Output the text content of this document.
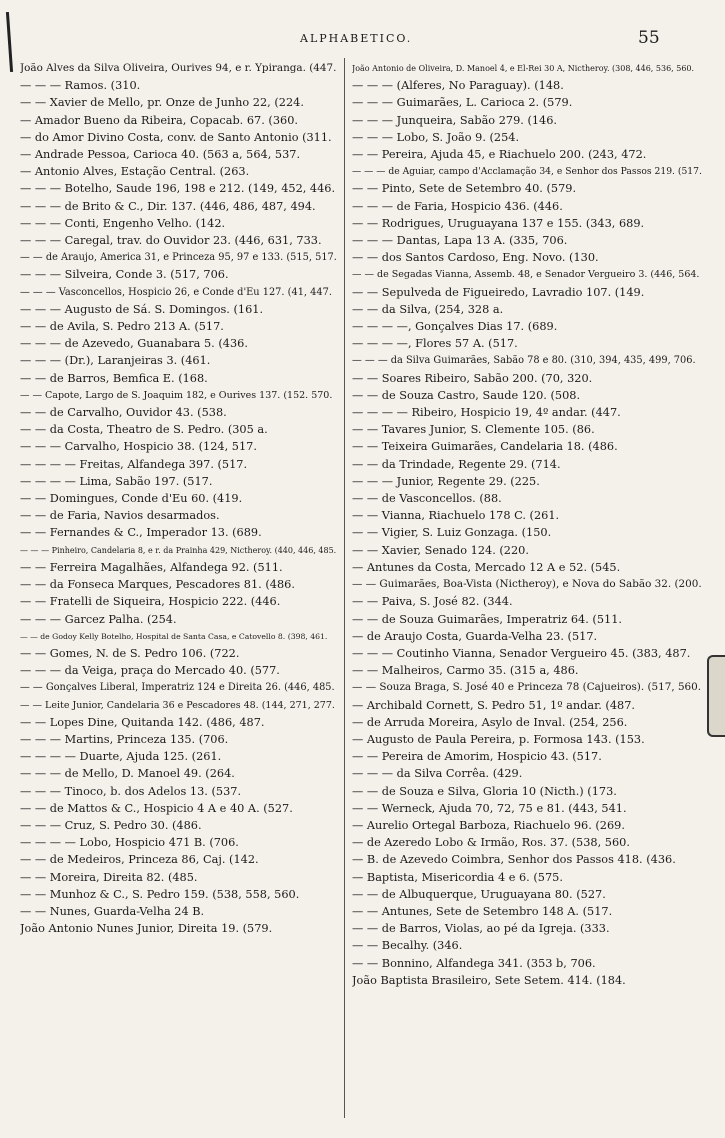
ALPHABETICO.	55
João Alves da Silva Oliveira, Ourives 94, e r. Ypiranga. (447.
— — — Ramos. (310.
— — Xavier de Mello, pr. Onze de Junho 22, (224.
— Amador Bueno da Ribeira, Copacab. 67. (360.
— do Amor Divino Costa, conv. de Santo Antonio (311.
— Andrade Pessoa, Carioca 40. (563 a, 564, 537.
— Antonio Alves, Estação Central. (263.
— — — Botelho, Saude 196, 198 e 212. (149, 452, 446.
— — — de Brito & C., Dir. 137. (446, 486, 487, 494.
— — — Conti, Engenho Velho. (142.
— — — Caregal, trav. do Ouvidor 23. (446, 631, 733.
— — de Araujo, America 31, e Princeza 95, 97 e 133. (515, 517.
— — — Silveira, Conde 3. (517, 706.
— — — Vasconcellos, Hospicio 26, e Conde d'Eu 127. (41, 447.
— — — Augusto de Sá. S. Domingos. (161.
— — de Avila, S. Pedro 213 A. (517.
— — — de Azevedo, Guanabara 5. (436.
— — — (Dr.), Laranjeiras 3. (461.
— — de Barros, Bemfica E. (168.
— — Capote, Largo de S. Joaquim 182, e Ourives 137. (152. 570.
— — de Carvalho, Ouvidor 43. (538.
— — da Costa, Theatro de S. Pedro. (305 a.
— — — Carvalho, Hospicio 38. (124, 517.
— — — — Freitas, Alfandega 397. (517.
— — — — Lima, Sabão 197. (517.
— — Domingues, Conde d'Eu 60. (419.
— — de Faria, Navios desarmados.
— — Fernandes & C., Imperador 13. (689.
— — — Pinheiro, Candelaria 8, e r. da Prainha 429, Nictheroy. (440, 446, 485.
— — Ferreira Magalhães, Alfandega 92. (511.
— — da Fonseca Marques, Pescadores 81. (486.
— — Fratelli de Siqueira, Hospicio 222. (446.
— — — Garcez Palha. (254.
— — de Godoy Kelly Botelho, Hospital de Santa Casa, e Catovello 8. (398, 461.
— — Gomes, N. de S. Pedro 106. (722.
— — — da Veiga, praça do Mercado 40. (577.
— — Gonçalves Liberal, Imperatriz 124 e Direita 26. (446, 485.
— — Leite Junior, Candelaria 36 e Pescadores 48. (144, 271, 277.
— — Lopes Dine, Quitanda 142. (486, 487.
— — — Martins, Princeza 135. (706.
— — — — Duarte, Ajuda 125. (261.
— — — de Mello, D. Manoel 49. (264.
— — — Tinoco, b. dos Adelos 13. (537.
— — de Mattos & C., Hospicio 4 A e 40 A. (527.
— — — Cruz, S. Pedro 30. (486.
— — — — Lobo, Hospicio 471 B. (706.
— — de Medeiros, Princeza 86, Caj. (142.
— — Moreira, Direita 82. (485.
— — Munhoz & C., S. Pedro 159. (538, 558, 560.
— — Nunes, Guarda-Velha 24 B.
João Antonio Nunes Junior, Direita 19. (579.
João Antonio de Oliveira, D. Manoel 4, e El-Rei 30 A, Nictheroy. (308, 446, 536, 560.
— — — (Alferes, No Paraguay). (148.
— — — Guimarães, L. Carioca 2. (579.
— — — Junqueira, Sabão 279. (146.
— — — Lobo, S. João 9. (254.
— — Pereira, Ajuda 45, e Riachuelo 200. (243, 472.
— — — de Aguiar, campo d'Acclamação 34, e Senhor dos Passos 219. (517.
— — Pinto, Sete de Setembro 40. (579.
— — — de Faria, Hospicio 436. (446.
— — Rodrigues, Uruguayana 137 e 155. (343, 689.
— — — Dantas, Lapa 13 A. (335, 706.
— — dos Santos Cardoso, Eng. Novo. (130.
— — de Segadas Vianna, Assemb. 48, e Senador Vergueiro 3. (446, 564.
— — Sepulveda de Figueiredo, Lavradio 107. (149.
— — da Silva, (254, 328 a.
— — — —, Gonçalves Dias 17. (689.
— — — —, Flores 57 A. (517.
— — — da Silva Guimarães, Sabão 78 e 80. (310, 394, 435, 499, 706.
— — Soares Ribeiro, Sabão 200. (70, 320.
— — de Souza Castro, Saude 120. (508.
— — — — Ribeiro, Hospicio 19, 4º andar. (447.
— — Tavares Junior, S. Clemente 105. (86.
— — Teixeira Guimarães, Candelaria 18. (486.
— — da Trindade, Regente 29. (714.
— — — Junior, Regente 29. (225.
— — de Vasconcellos. (88.
— — Vianna, Riachuelo 178 C. (261.
— — Vigier, S. Luiz Gonzaga. (150.
— — Xavier, Senado 124. (220.
— Antunes da Costa, Mercado 12 A e 52. (545.
— — Guimarães, Boa-Vista (Nictheroy), e Nova do Sabão 32. (200.
— — Paiva, S. José 82. (344.
— — de Souza Guimarães, Imperatriz 64. (511.
— de Araujo Costa, Guarda-Velha 23. (517.
— — — Coutinho Vianna, Senador Vergueiro 45. (383, 487.
— — Malheiros, Carmo 35. (315 a, 486.
— — Souza Braga, S. José 40 e Princeza 78 (Cajueiros). (517, 560.
— Archibald Cornett, S. Pedro 51, 1º andar. (487.
— de Arruda Moreira, Asylo de Inval. (254, 256.
— Augusto de Paula Pereira, p. Formosa 143. (153.
— — Pereira de Amorim, Hospicio 43. (517.
— — — da Silva Corrêa. (429.
— — de Souza e Silva, Gloria 10 (Nicth.) (173.
— — Werneck, Ajuda 70, 72, 75 e 81. (443, 541.
— Aurelio Ortegal Barboza, Riachuelo 96. (269.
— de Azeredo Lobo & Irmão, Ros. 37. (538, 560.
— B. de Azevedo Coimbra, Senhor dos Passos 418. (436.
— Baptista, Misericordia 4 e 6. (575.
— — de Albuquerque, Uruguayana 80. (527.
— — Antunes, Sete de Setembro 148 A. (517.
— — de Barros, Violas, ao pé da Igreja. (333.
— — Becalhy. (346.
— — Bonnino, Alfandega 341. (353 b, 706.
João Baptista Brasileiro, Sete Setem. 414. (184.
